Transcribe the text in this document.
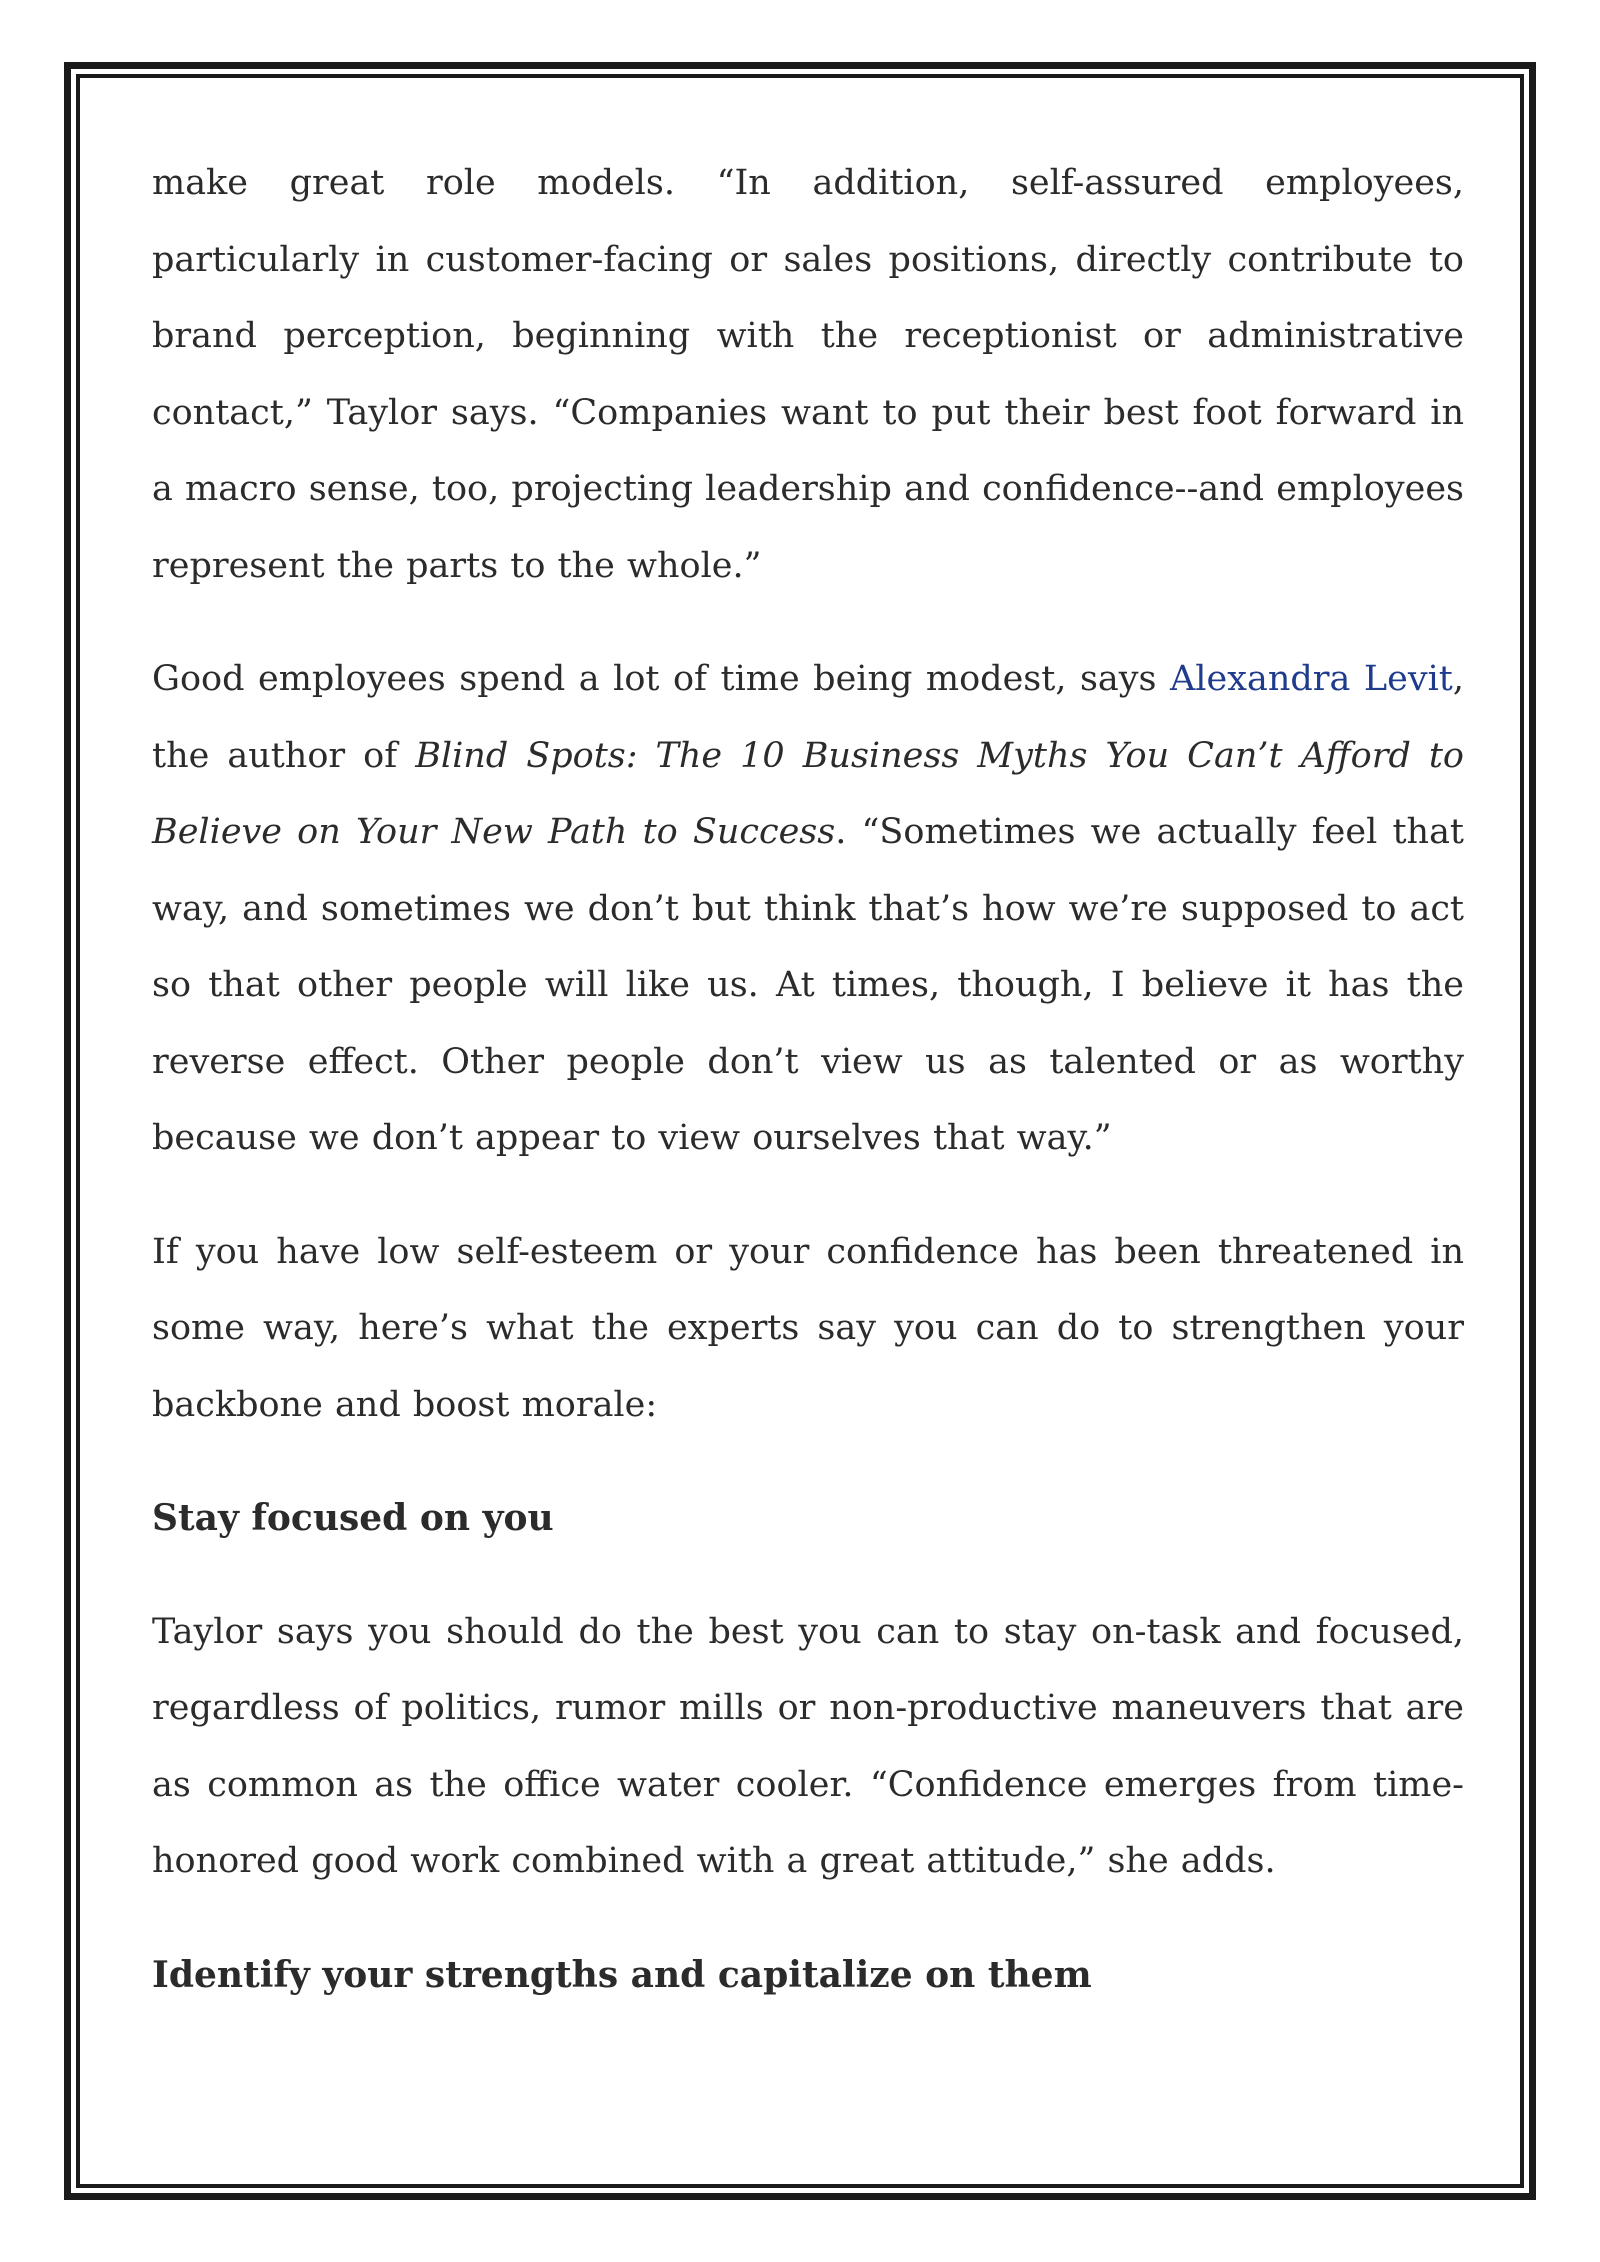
make great role models. “In addition, self-assured employees, particularly in customer-facing or sales positions, directly contribute to brand perception, beginning with the receptionist or administrative contact,” Taylor says. “Companies want to put their best foot forward in a macro sense, too, projecting leadership and confidence--and employees represent the parts to the whole.”

Good employees spend a lot of time being modest, says Alexandra Levit, the author of Blind Spots: The 10 Business Myths You Can’t Afford to Believe on Your New Path to Success. “Sometimes we actually feel that way, and sometimes we don’t but think that’s how we’re supposed to act so that other people will like us. At times, though, I believe it has the reverse effect. Other people don’t view us as talented or as worthy because we don’t appear to view ourselves that way.”

If you have low self-esteem or your confidence has been threatened in some way, here’s what the experts say you can do to strengthen your backbone and boost morale:

Stay focused on you

Taylor says you should do the best you can to stay on-task and focused, regardless of politics, rumor mills or non-productive maneuvers that are as common as the office water cooler. “Confidence emerges from time-honored good work combined with a great attitude,” she adds.

Identify your strengths and capitalize on them
